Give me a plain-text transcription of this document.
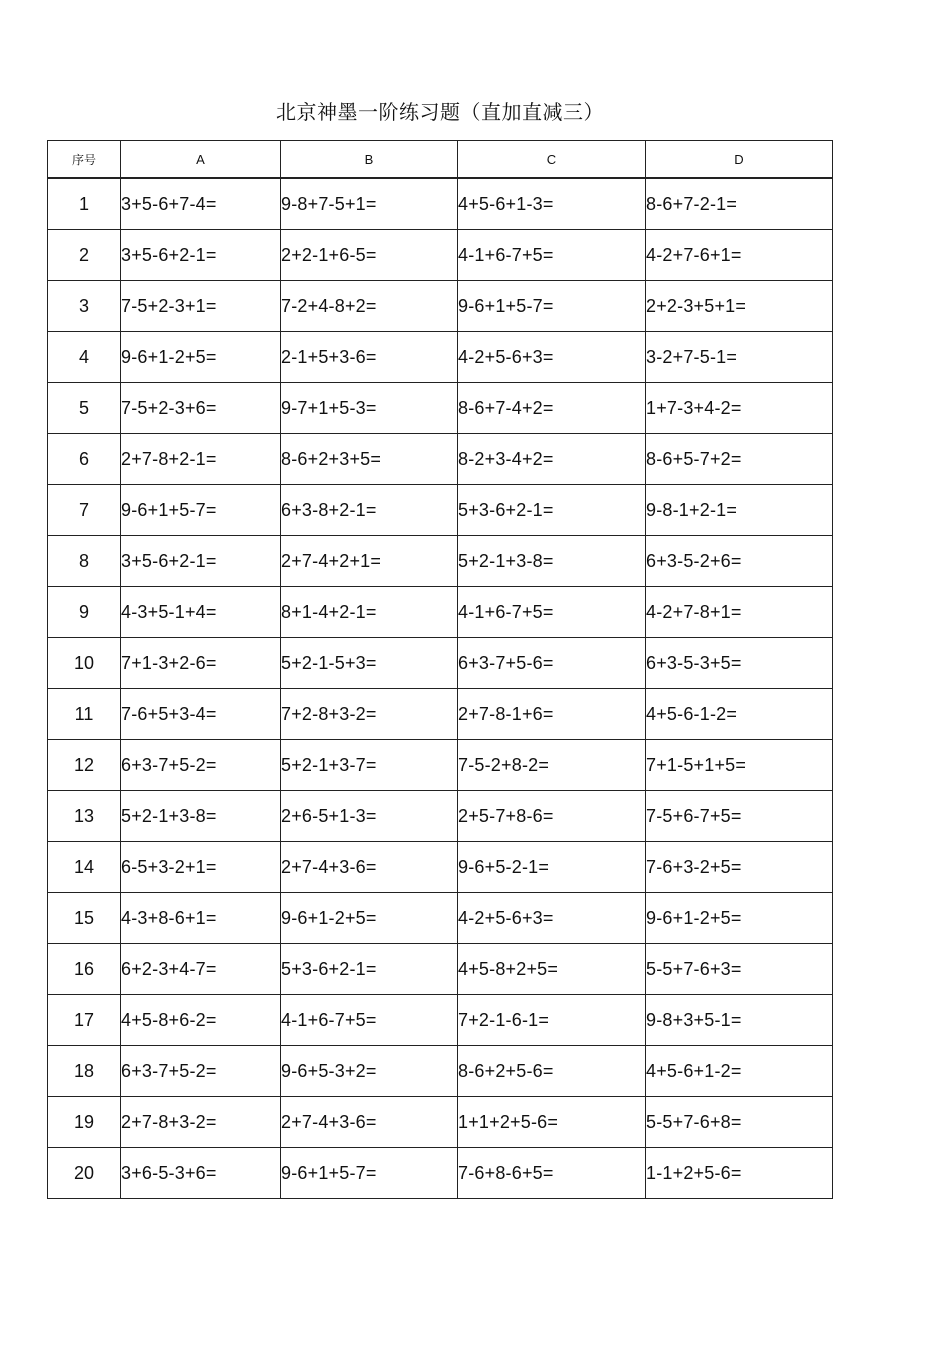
北京神墨一阶练习题（直加直减三）
序号	A	B	C	D
1	3+5-6+7-4=	9-8+7-5+1=	4+5-6+1-3=	8-6+7-2-1=
2	3+5-6+2-1=	2+2-1+6-5=	4-1+6-7+5=	4-2+7-6+1=
3	7-5+2-3+1=	7-2+4-8+2=	9-6+1+5-7=	2+2-3+5+1=
4	9-6+1-2+5=	2-1+5+3-6=	4-2+5-6+3=	3-2+7-5-1=
5	7-5+2-3+6=	9-7+1+5-3=	8-6+7-4+2=	1+7-3+4-2=
6	2+7-8+2-1=	8-6+2+3+5=	8-2+3-4+2=	8-6+5-7+2=
7	9-6+1+5-7=	6+3-8+2-1=	5+3-6+2-1=	9-8-1+2-1=
8	3+5-6+2-1=	2+7-4+2+1=	5+2-1+3-8=	6+3-5-2+6=
9	4-3+5-1+4=	8+1-4+2-1=	4-1+6-7+5=	4-2+7-8+1=
10	7+1-3+2-6=	5+2-1-5+3=	6+3-7+5-6=	6+3-5-3+5=
11	7-6+5+3-4=	7+2-8+3-2=	2+7-8-1+6=	4+5-6-1-2=
12	6+3-7+5-2=	5+2-1+3-7=	7-5-2+8-2=	7+1-5+1+5=
13	5+2-1+3-8=	2+6-5+1-3=	2+5-7+8-6=	7-5+6-7+5=
14	6-5+3-2+1=	2+7-4+3-6=	9-6+5-2-1=	7-6+3-2+5=
15	4-3+8-6+1=	9-6+1-2+5=	4-2+5-6+3=	9-6+1-2+5=
16	6+2-3+4-7=	5+3-6+2-1=	4+5-8+2+5=	5-5+7-6+3=
17	4+5-8+6-2=	4-1+6-7+5=	7+2-1-6-1=	9-8+3+5-1=
18	6+3-7+5-2=	9-6+5-3+2=	8-6+2+5-6=	4+5-6+1-2=
19	2+7-8+3-2=	2+7-4+3-6=	1+1+2+5-6=	5-5+7-6+8=
20	3+6-5-3+6=	9-6+1+5-7=	7-6+8-6+5=	1-1+2+5-6=
